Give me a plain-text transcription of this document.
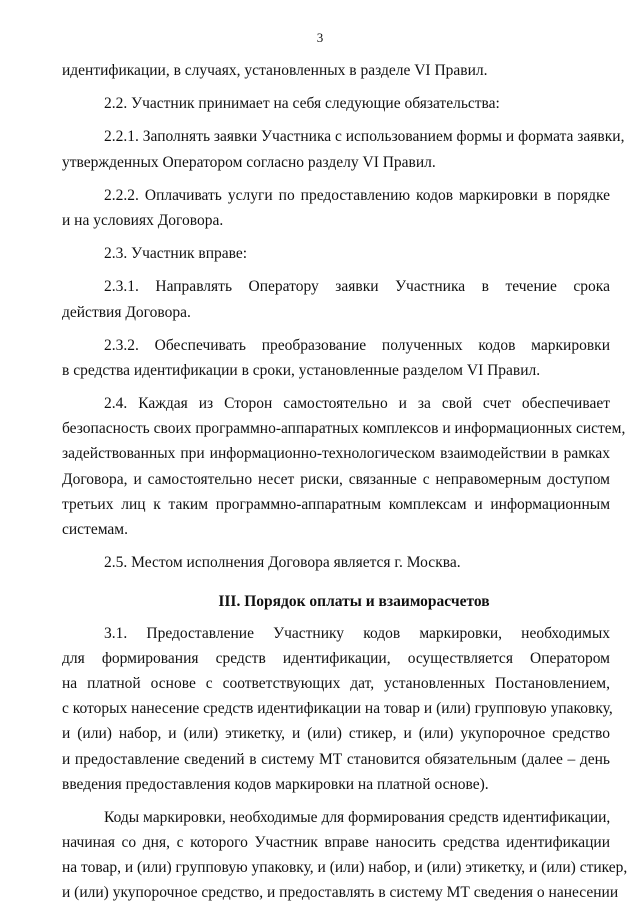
3
идентификации, в случаях, установленных в разделе VI Правил.
2.2. Участник принимает на себя следующие обязательства:
2.2.1. Заполнять заявки Участника с использованием формы и формата заявки,
утвержденных Оператором согласно разделу VI Правил.
2.2.2. Оплачивать услуги по предоставлению кодов маркировки в порядке
и на условиях Договора.
2.3. Участник вправе:
2.3.1. Направлять Оператору заявки Участника в течение срока
действия Договора.
2.3.2. Обеспечивать преобразование полученных кодов маркировки
в средства идентификации в сроки, установленные разделом VI Правил.
2.4. Каждая из Сторон самостоятельно и за свой счет обеспечивает
безопасность своих программно-аппаратных комплексов и информационных систем,
задействованных при информационно-технологическом взаимодействии в рамках
Договора, и самостоятельно несет риски, связанные с неправомерным доступом
третьих лиц к таким программно-аппаратным комплексам и информационным
системам.
2.5. Местом исполнения Договора является г. Москва.
III. Порядок оплаты и взаиморасчетов
3.1. Предоставление Участнику кодов маркировки, необходимых
для формирования средств идентификации, осуществляется Оператором
на платной основе с соответствующих дат, установленных Постановлением,
с которых нанесение средств идентификации на товар и (или) групповую упаковку,
и (или) набор, и (или) этикетку, и (или) стикер, и (или) укупорочное средство
и предоставление сведений в систему МТ становится обязательным (далее – день
введения предоставления кодов маркировки на платной основе).
Коды маркировки, необходимые для формирования средств идентификации,
начиная со дня, с которого Участник вправе наносить средства идентификации
на товар, и (или) групповую упаковку, и (или) набор, и (или) этикетку, и (или) стикер,
и (или) укупорочное средство, и предоставлять в систему МТ сведения о нанесении
